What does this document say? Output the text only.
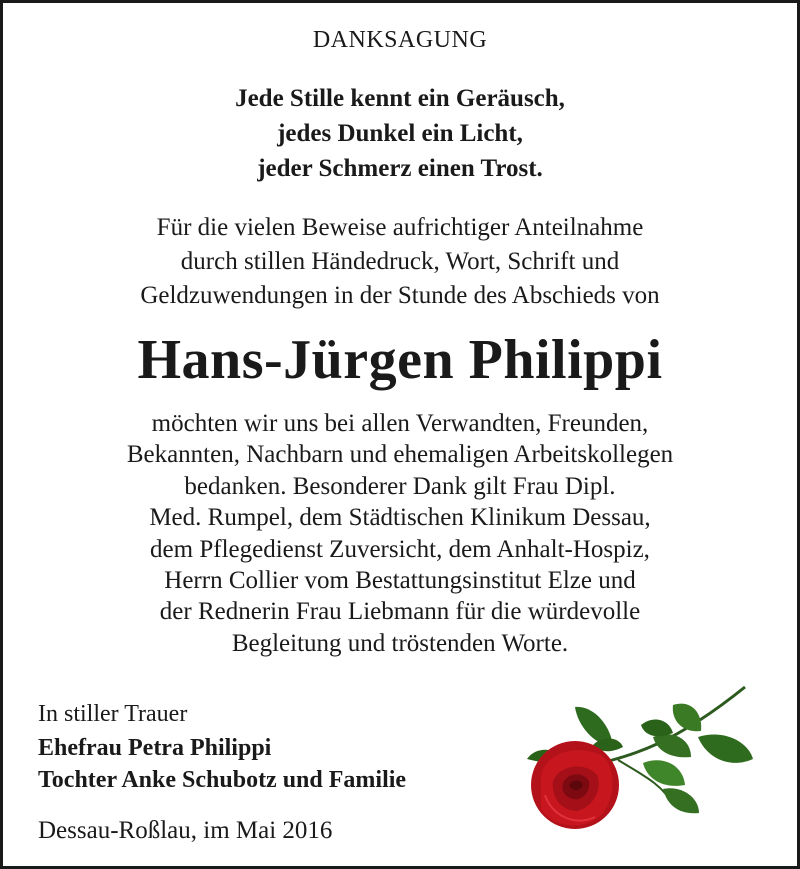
DANKSAGUNG
Jede Stille kennt ein Geräusch,
jedes Dunkel ein Licht,
jeder Schmerz einen Trost.
Für die vielen Beweise aufrichtiger Anteilnahme
durch stillen Händedruck, Wort, Schrift und
Geldzuwendungen in der Stunde des Abschieds von
Hans-Jürgen Philippi
möchten wir uns bei allen Verwandten, Freunden,
Bekannten, Nachbarn und ehemaligen Arbeitskollegen
bedanken. Besonderer Dank gilt Frau Dipl.
Med. Rumpel, dem Städtischen Klinikum Dessau,
dem Pflegedienst Zuversicht, dem Anhalt-Hospiz,
Herrn Collier vom Bestattungsinstitut Elze und
der Rednerin Frau Liebmann für die würdevolle
Begleitung und tröstenden Worte.
In stiller Trauer
Ehefrau Petra Philippi
Tochter Anke Schubotz und Familie
Dessau-Roßlau, im Mai 2016
